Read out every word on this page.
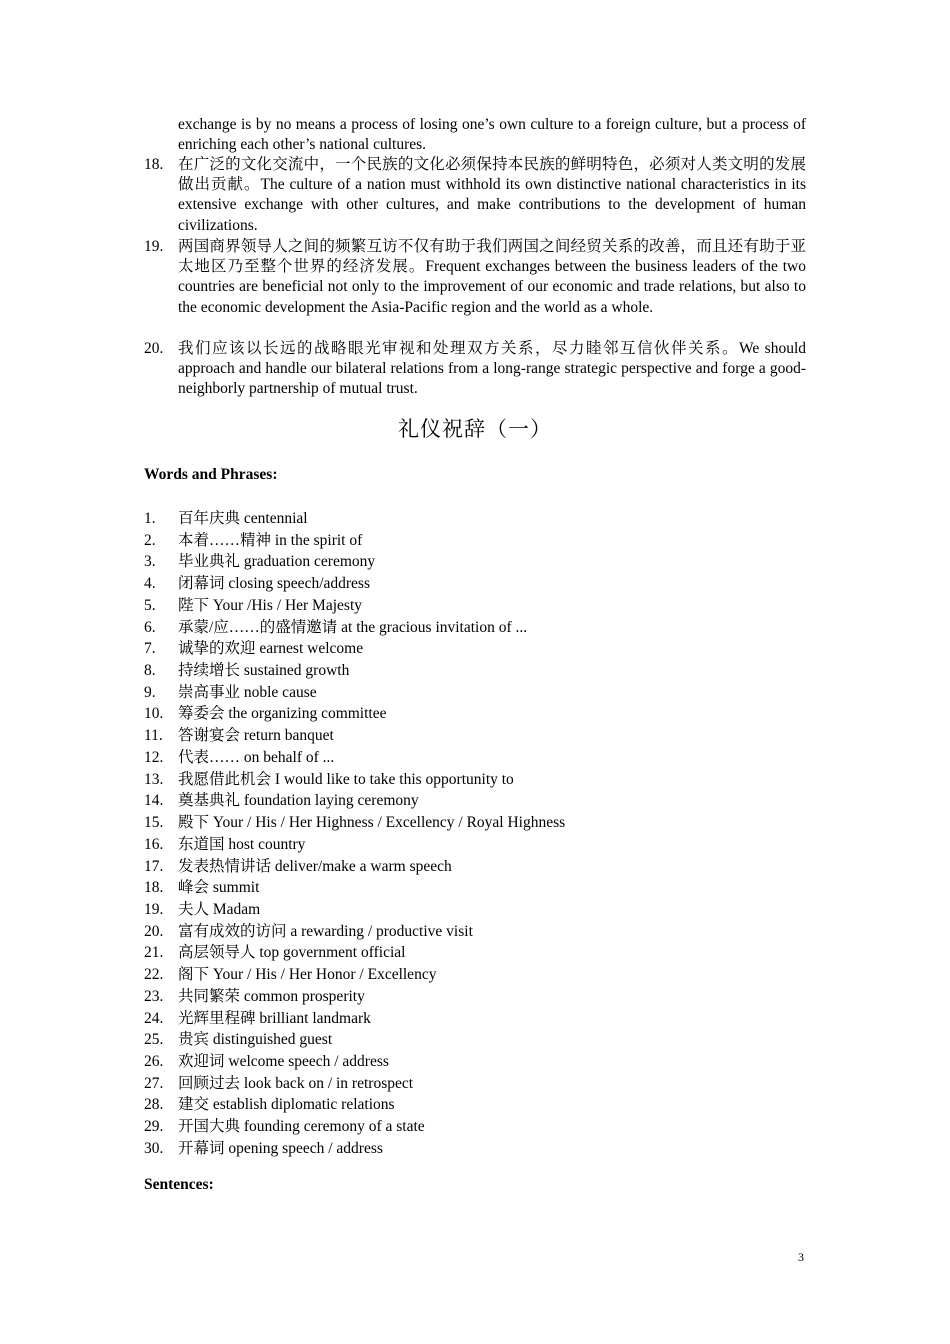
exchange is by no means a process of losing one’s own culture to a foreign culture, but a process of enriching each other’s national cultures.

18. 在广泛的文化交流中，一个民族的文化必须保持本民族的鲜明特色，必须对人类文明的发展做出贡献。The culture of a nation must withhold its own distinctive national characteristics in its extensive exchange with other cultures, and make contributions to the development of human civilizations.
19. 两国商界领导人之间的频繁互访不仅有助于我们两国之间经贸关系的改善，而且还有助于亚太地区乃至整个世界的经济发展。Frequent exchanges between the business leaders of the two countries are beneficial not only to the improvement of our economic and trade relations, but also to the economic development the Asia-Pacific region and the world as a whole.
20. 我们应该以长远的战略眼光审视和处理双方关系，尽力睦邻互信伙伴关系。We should approach and handle our bilateral relations from a long-range strategic perspective and forge a good-neighborly partnership of mutual trust.
礼仪祝辞（一）
Words and Phrases:
1. 百年庆典 centennial
2. 本着……精神 in the spirit of
3. 毕业典礼 graduation ceremony
4. 闭幕词 closing speech/address
5. 陛下 Your /His / Her Majesty
6. 承蒙/应……的盛情邀请 at the gracious invitation of ...
7. 诚挚的欢迎 earnest welcome
8. 持续增长 sustained growth
9. 崇高事业 noble cause
10. 筹委会 the organizing committee
11. 答谢宴会 return banquet
12. 代表…… on behalf of ...
13. 我愿借此机会 I would like to take this opportunity to
14. 奠基典礼 foundation laying ceremony
15. 殿下 Your / His / Her Highness / Excellency / Royal Highness
16. 东道国 host country
17. 发表热情讲话 deliver/make a warm speech
18. 峰会 summit
19. 夫人 Madam
20. 富有成效的访问 a rewarding / productive visit
21. 高层领导人 top government official
22. 阁下 Your / His / Her Honor / Excellency
23. 共同繁荣 common prosperity
24. 光辉里程碑 brilliant landmark
25. 贵宾 distinguished guest
26. 欢迎词 welcome speech / address
27. 回顾过去 look back on / in retrospect
28. 建交 establish diplomatic relations
29. 开国大典 founding ceremony of a state
30. 开幕词 opening speech / address
Sentences:
3
